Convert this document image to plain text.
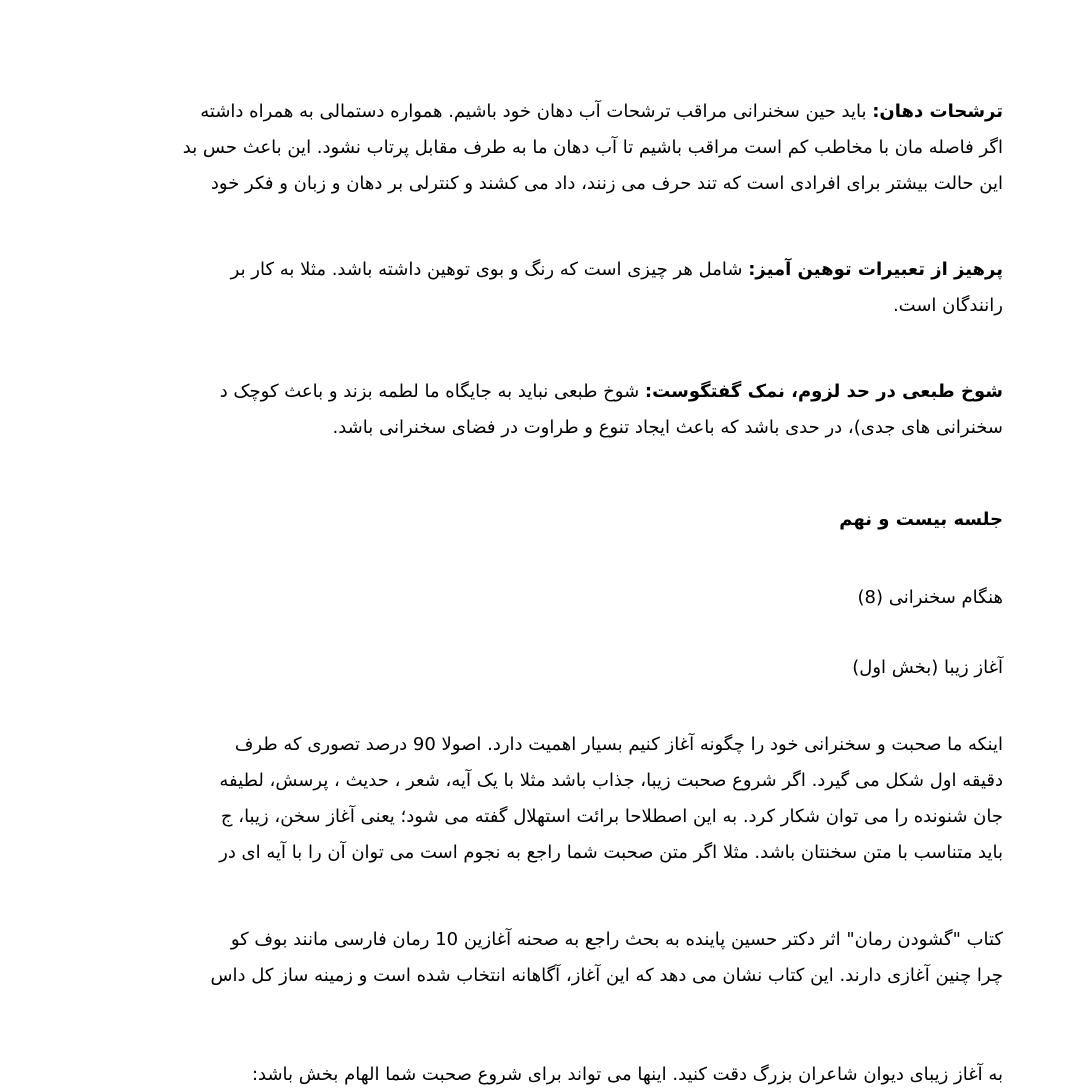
ترشحات دهان: باید حین سخنرانی مراقب ترشحات آب دهان خود باشیم. همواره دستمالی به همراه داشته
اگر فاصله مان با مخاطب کم است مراقب باشیم تا آب دهان ما به طرف مقابل پرتاب نشود. این باعث حس بد
این حالت بیشتر برای افرادی است که تند حرف می زنند، داد می کشند و کنترلی بر دهان و زبان و فکر خود
پرهیز از تعبیرات توهین آمیز: شامل هر چیزی است که رنگ و بوی توهین داشته باشد. مثلا به کار بر
رانندگان است.
شوخ طبعی در حد لزوم، نمک گفتگوست: شوخ طبعی نباید به جایگاه ما لطمه بزند و باعث کوچک د
سخنرانی های جدی)، در حدی باشد که باعث ایجاد تنوع و طراوت در فضای سخنرانی باشد.
جلسه بیست و نهم
هنگام سخنرانی (8)
آغاز زیبا (بخش اول)
اینکه ما صحبت و سخنرانی خود را چگونه آغاز کنیم بسیار اهمیت دارد. اصولا 90 درصد تصوری که طرف
دقیقه اول شکل می گیرد. اگر شروع صحبت زیبا، جذاب باشد مثلا با یک آیه، شعر ، حدیث ، پرسش، لطیفه
جان شنونده را می توان شکار کرد. به این اصطلاحا برائت استهلال گفته می شود؛ یعنی آغاز سخن، زیبا، ج
باید متناسب با متن سخنتان باشد. مثلا اگر متن صحبت شما راجع به نجوم است می توان آن را با آیه ای در
کتاب "گشودن رمان" اثر دکتر حسین پاینده به بحث راجع به صحنه آغازین 10 رمان فارسی مانند بوف کو
چرا چنین آغازی دارند. این کتاب نشان می دهد که این آغاز، آگاهانه انتخاب شده است و زمینه ساز کل داس
به آغاز زیبای دیوان شاعران بزرگ دقت کنید. اینها می تواند برای شروع صحبت شما الهام بخش باشد:
